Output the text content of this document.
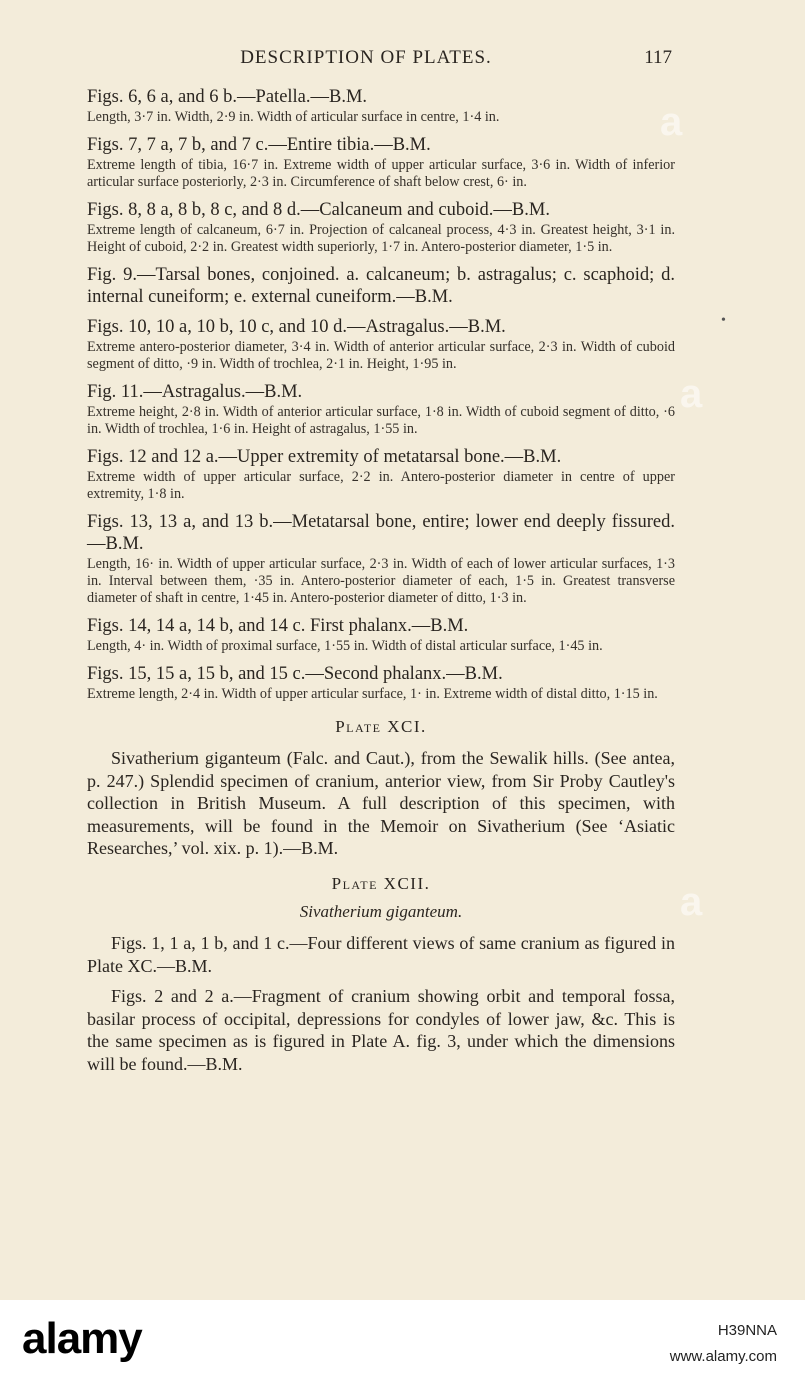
DESCRIPTION OF PLATES.	117
a
a
a
•
Figs. 6, 6 a, and 6 b.—Patella.—B.M.
Length, 3·7 in. Width, 2·9 in. Width of articular surface in centre, 1·4 in.
Figs. 7, 7 a, 7 b, and 7 c.—Entire tibia.—B.M.
Extreme length of tibia, 16·7 in. Extreme width of upper articular surface, 3·6 in. Width of inferior articular surface posteriorly, 2·3 in. Circumference of shaft below crest, 6· in.
Figs. 8, 8 a, 8 b, 8 c, and 8 d.—Calcaneum and cuboid.—B.M.
Extreme length of calcaneum, 6·7 in. Projection of calcaneal process, 4·3 in. Greatest height, 3·1 in. Height of cuboid, 2·2 in. Greatest width superiorly, 1·7 in. Antero-posterior diameter, 1·5 in.
Fig. 9.—Tarsal bones, conjoined. a. calcaneum; b. astragalus; c. scaphoid; d. internal cuneiform; e. external cuneiform.—B.M.
Figs. 10, 10 a, 10 b, 10 c, and 10 d.—Astragalus.—B.M.
Extreme antero-posterior diameter, 3·4 in. Width of anterior articular surface, 2·3 in. Width of cuboid segment of ditto, ·9 in. Width of trochlea, 2·1 in. Height, 1·95 in.
Fig. 11.—Astragalus.—B.M.
Extreme height, 2·8 in. Width of anterior articular surface, 1·8 in. Width of cuboid segment of ditto, ·6 in. Width of trochlea, 1·6 in. Height of astragalus, 1·55 in.
Figs. 12 and 12 a.—Upper extremity of metatarsal bone.—B.M.
Extreme width of upper articular surface, 2·2 in. Antero-posterior diameter in centre of upper extremity, 1·8 in.
Figs. 13, 13 a, and 13 b.—Metatarsal bone, entire; lower end deeply fissured.—B.M.
Length, 16· in. Width of upper articular surface, 2·3 in. Width of each of lower articular surfaces, 1·3 in. Interval between them, ·35 in. Antero-posterior diameter of each, 1·5 in. Greatest transverse diameter of shaft in centre, 1·45 in. Antero-posterior diameter of ditto, 1·3 in.
Figs. 14, 14 a, 14 b, and 14 c. First phalanx.—B.M.
Length, 4· in. Width of proximal surface, 1·55 in. Width of distal articular surface, 1·45 in.
Figs. 15, 15 a, 15 b, and 15 c.—Second phalanx.—B.M.
Extreme length, 2·4 in. Width of upper articular surface, 1· in. Extreme width of distal ditto, 1·15 in.
Plate XCI.
Sivatherium giganteum (Falc. and Caut.), from the Sewalik hills. (See antea, p. 247.) Splendid specimen of cranium, anterior view, from Sir Proby Cautley's collection in British Museum. A full description of this specimen, with measurements, will be found in the Memoir on Sivatherium (See ‘Asiatic Researches,’ vol. xix. p. 1).—B.M.
Plate XCII.
Sivatherium giganteum.
Figs. 1, 1 a, 1 b, and 1 c.—Four different views of same cranium as figured in Plate XC.—B.M.
Figs. 2 and 2 a.—Fragment of cranium showing orbit and temporal fossa, basilar process of occipital, depressions for condyles of lower jaw, &c. This is the same specimen as is figured in Plate A. fig. 3, under which the dimensions will be found.—B.M.
alamy	H39NNA
www.alamy.com
